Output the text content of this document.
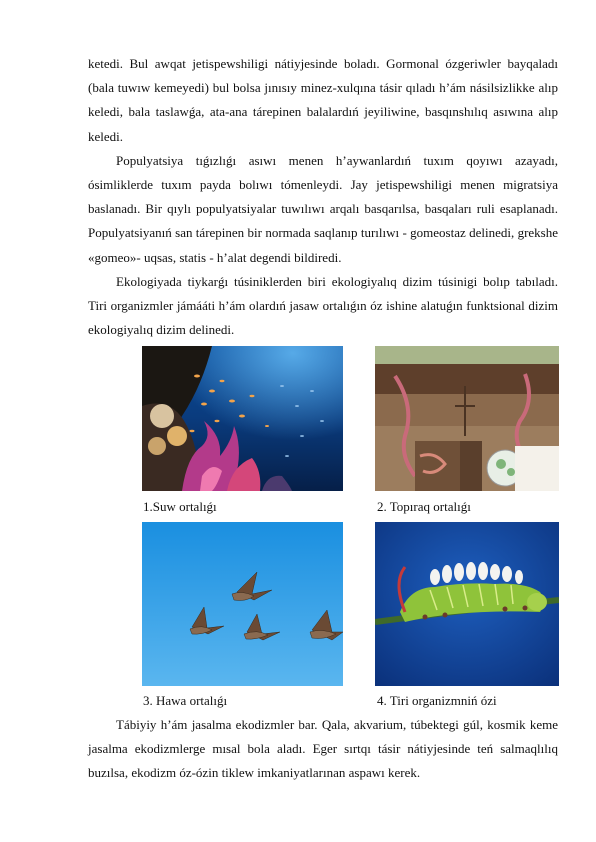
ketedi. Bul awqat jetispewshiligi nátiyjesinde boladı. Gormonal ózgeriwler bayqaladı (bala tuwıw kemeyedi) bul bolsa jınısıy minez-xulqına tásir qıladı h’ám násilsizlikke alıp keledi, bala taslawǵa, ata-ana tárepinen balalardıń jeyiliwine, basqınshılıq asıwına alıp keledi.

Populyatsiya tıǵızlıǵı asıwı menen h’aywanlardıń tuxım qoyıwı azayadı, ósimliklerde tuxım payda bolıwı tómenleydi. Jay jetispewshiligi menen migratsiya baslanadı. Bir qıylı populyatsiyalar tuwılıwı arqalı basqarılsa, basqaları ruli esaplanadı. Populyatsiyanıń san tárepinen bir normada saqlanıp turılıwı - gomeostaz delinedi, grekshe «gomeo»- uqsas, statis - h’alat degendi bildiredi.

Ekologiyada tiykarǵı túsiniklerden biri ekologiyalıq dizim túsinigi bolıp tabıladı. Tiri organizmler jámááti h’ám olardıń jasaw ortalıǵın óz ishine alatuǵın funktsional dizim ekologiyalıq dizim delinedi.

1.Suw ortalıǵı	2. Topıraq ortalıǵı
3. Hawa ortalıǵı	4. Tiri organizmniń ózi

Tábiyiy h’ám jasalma ekodizmler bar. Qala, akvarium, túbektegi gúl, kosmik keme jasalma ekodizmlerge mısal bola aladı. Eger sırtqı tásir nátiyjesinde teń salmaqlılıq buzılsa, ekodizm óz-ózin tiklew imkaniyatlarınan aspawı kerek.
